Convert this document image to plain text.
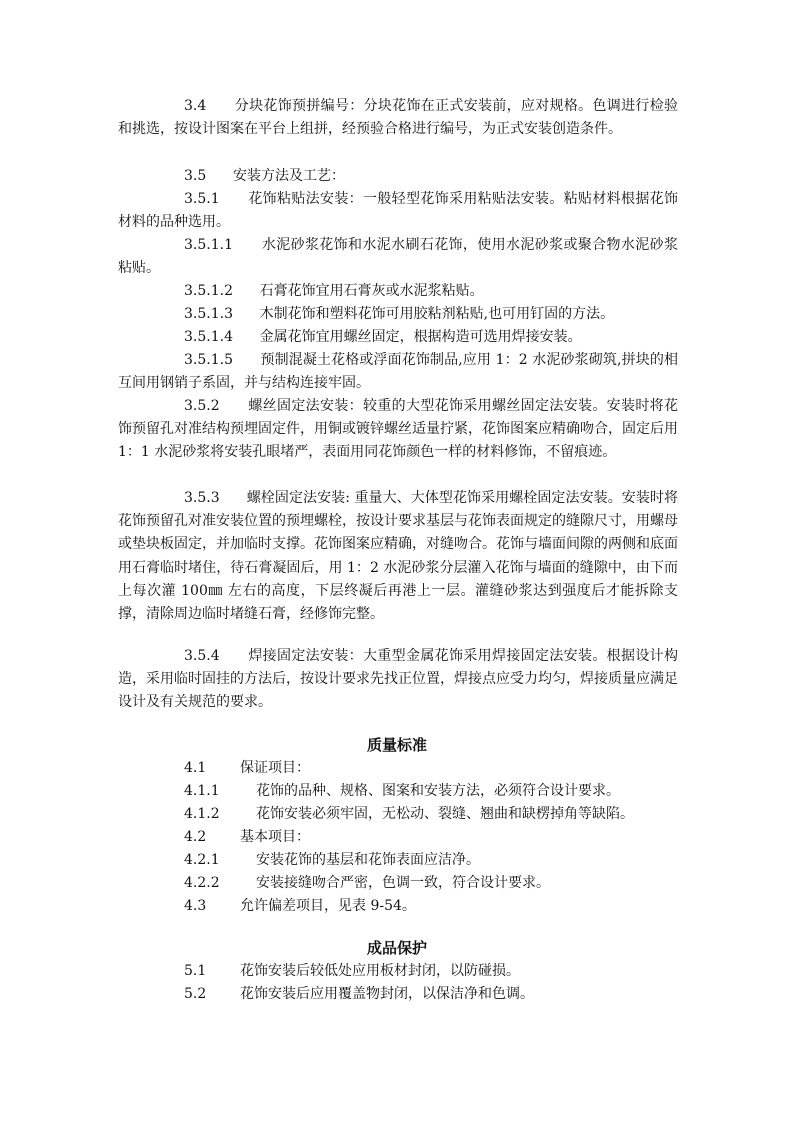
3.4      分块花饰预拼编号：分块花饰在正式安装前，应对规格。色调进行检验和挑选，按设计图案在平台上组拼，经预验合格进行编号，为正式安装创造条件。
3.5      安装方法及工艺：
3.5.1      花饰粘贴法安装：一般轻型花饰采用粘贴法安装。粘贴材料根据花饰材料的品种选用。
3.5.1.1      水泥砂浆花饰和水泥水刷石花饰，使用水泥砂浆或聚合物水泥砂浆粘贴。
3.5.1.2      石膏花饰宜用石膏灰或水泥浆粘贴。
3.5.1.3      木制花饰和塑料花饰可用胶粘剂粘贴,也可用钉固的方法。
3.5.1.4      金属花饰宜用螺丝固定，根据构造可选用焊接安装。
3.5.1.5      预制混凝土花格或浮面花饰制品,应用 1：2 水泥砂浆砌筑,拼块的相互间用钢销子系固，并与结构连接牢固。
3.5.2      螺丝固定法安装：较重的大型花饰采用螺丝固定法安装。安装时将花饰预留孔对准结构预埋固定件，用铜或镀锌螺丝适量拧紧，花饰图案应精确吻合，固定后用 1：1 水泥砂浆将安装孔眼堵严，表面用同花饰颜色一样的材料修饰，不留痕迹。
3.5.3      螺栓固定法安装: 重量大、大体型花饰采用螺栓固定法安装。安装时将花饰预留孔对准安装位置的预埋螺栓，按设计要求基层与花饰表面规定的缝隙尺寸，用螺母或垫块板固定，并加临时支撑。花饰图案应精确，对缝吻合。花饰与墙面间隙的两侧和底面用石膏临时堵住，待石膏凝固后，用 1：2 水泥砂浆分层灌入花饰与墙面的缝隙中，由下而上每次灌 100㎜ 左右的高度，下层终凝后再港上一层。灌缝砂浆达到强度后才能拆除支撑，清除周边临时堵缝石膏，经修饰完整。
3.5.4      焊接固定法安装：大重型金属花饰采用焊接固定法安装。根据设计构造，采用临时固挂的方法后，按设计要求先找正位置，焊接点应受力均匀，焊接质量应满足设计及有关规范的要求。
质量标准
4.1 保证项目：
4.1.1	花饰的品种、规格、图案和安装方法，必须符合设计要求。
4.1.2	花饰安装必须牢固，无松动、裂缝、翘曲和缺楞掉角等缺陷。
4.2 基本项目：
4.2.1	安装花饰的基层和花饰表面应洁净。
4.2.2	安装接缝吻合严密，色调一致，符合设计要求。
4.3 允许偏差项目，见表 9-54。
成品保护
5.1 花饰安装后较低处应用板材封闭，以防碰损。
5.2 花饰安装后应用覆盖物封闭，以保洁净和色调。
